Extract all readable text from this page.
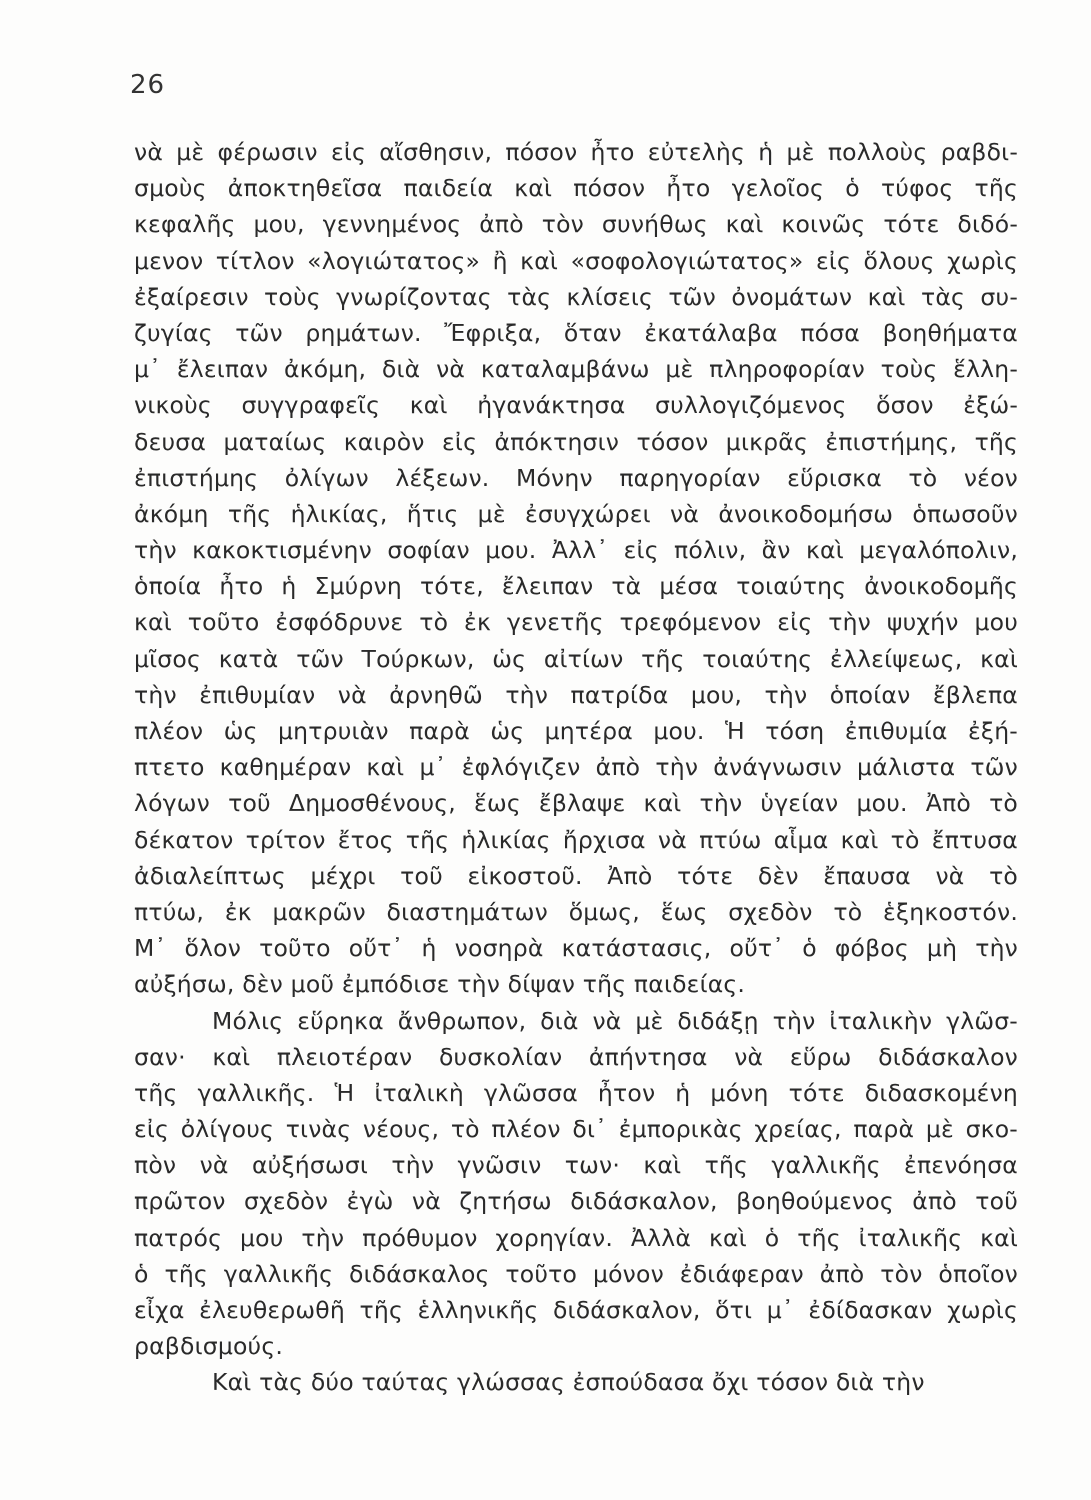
26
νὰ μὲ φέρωσιν εἰς αἴσθησιν, πόσον ἦτο εὐτελὴς ἡ μὲ πολλοὺς ραβδι-
σμοὺς ἀποκτηθεῖσα παιδεία καὶ πόσον ἦτο γελοῖος ὁ τύφος τῆς
κεφαλῆς μου, γεννημένος ἀπὸ τὸν συνήθως καὶ κοινῶς τότε διδό-
μενον τίτλον «λογιώτατος» ἢ καὶ «σοφολογιώτατος» εἰς ὅλους χωρὶς
ἐξαίρεσιν τοὺς γνωρίζοντας τὰς κλίσεις τῶν ὀνομάτων καὶ τὰς συ-
ζυγίας τῶν ρημάτων. Ἔφριξα, ὅταν ἐκατάλαβα πόσα βοηθήματα
μ᾿ ἔλειπαν ἀκόμη, διὰ νὰ καταλαμβάνω μὲ πληροφορίαν τοὺς ἕλλη-
νικοὺς συγγραφεῖς καὶ ἠγανάκτησα συλλογιζόμενος ὅσον ἐξώ-
δευσα ματαίως καιρὸν εἰς ἀπόκτησιν τόσον μικρᾶς ἐπιστήμης, τῆς
ἐπιστήμης ὀλίγων λέξεων. Μόνην παρηγορίαν εὕρισκα τὸ νέον
ἀκόμη τῆς ἡλικίας, ἥτις μὲ ἐσυγχώρει νὰ ἀνοικοδομήσω ὁπωσοῦν
τὴν κακοκτισμένην σοφίαν μου. Ἀλλ᾿ εἰς πόλιν, ἂν καὶ μεγαλόπολιν,
ὁποία ἦτο ἡ Σμύρνη τότε, ἔλειπαν τὰ μέσα τοιαύτης ἀνοικοδομῆς
καὶ τοῦτο ἐσφόδρυνε τὸ ἐκ γενετῆς τρεφόμενον εἰς τὴν ψυχήν μου
μῖσος κατὰ τῶν Τούρκων, ὡς αἰτίων τῆς τοιαύτης ἐλλείψεως, καὶ
τὴν ἐπιθυμίαν νὰ ἀρνηθῶ τὴν πατρίδα μου, τὴν ὁποίαν ἔβλεπα
πλέον ὡς μητρυιὰν παρὰ ὡς μητέρα μου. Ἡ τόση ἐπιθυμία ἐξή-
πτετο καθημέραν καὶ μ᾿ ἐφλόγιζεν ἀπὸ τὴν ἀνάγνωσιν μάλιστα τῶν
λόγων τοῦ Δημοσθένους, ἕως ἔβλαψε καὶ τὴν ὑγείαν μου. Ἀπὸ τὸ
δέκατον τρίτον ἔτος τῆς ἡλικίας ἤρχισα νὰ πτύω αἷμα καὶ τὸ ἔπτυσα
ἀδιαλείπτως μέχρι τοῦ εἰκοστοῦ. Ἀπὸ τότε δὲν ἔπαυσα νὰ τὸ
πτύω, ἐκ μακρῶν διαστημάτων ὅμως, ἕως σχεδὸν τὸ ἑξηκοστόν.
Μ᾿ ὅλον τοῦτο οὔτ᾿ ἡ νοσηρὰ κατάστασις, οὔτ᾿ ὁ φόβος μὴ τὴν
αὐξήσω, δὲν μοῦ ἐμπόδισε τὴν δίψαν τῆς παιδείας.
Μόλις εὕρηκα ἄνθρωπον, διὰ νὰ μὲ διδάξῃ τὴν ἰταλικὴν γλῶσ-
σαν· καὶ πλειοτέραν δυσκολίαν ἀπήντησα νὰ εὕρω διδάσκαλον
τῆς γαλλικῆς. Ἡ ἰταλικὴ γλῶσσα ἦτον ἡ μόνη τότε διδασκομένη
εἰς ὀλίγους τινὰς νέους, τὸ πλέον δι᾿ ἐμπορικὰς χρείας, παρὰ μὲ σκο-
πὸν νὰ αὐξήσωσι τὴν γνῶσιν των· καὶ τῆς γαλλικῆς ἐπενόησα
πρῶτον σχεδὸν ἐγὼ νὰ ζητήσω διδάσκαλον, βοηθούμενος ἀπὸ τοῦ
πατρός μου τὴν πρόθυμον χορηγίαν. Ἀλλὰ καὶ ὁ τῆς ἰταλικῆς καὶ
ὁ τῆς γαλλικῆς διδάσκαλος τοῦτο μόνον ἐδιάφεραν ἀπὸ τὸν ὁποῖον
εἶχα ἐλευθερωθῆ τῆς ἑλληνικῆς διδάσκαλον, ὅτι μ᾿ ἐδίδασκαν χωρὶς
ραβδισμούς.
Καὶ τὰς δύο ταύτας γλώσσας ἐσπούδασα ὄχι τόσον διὰ τὴν
